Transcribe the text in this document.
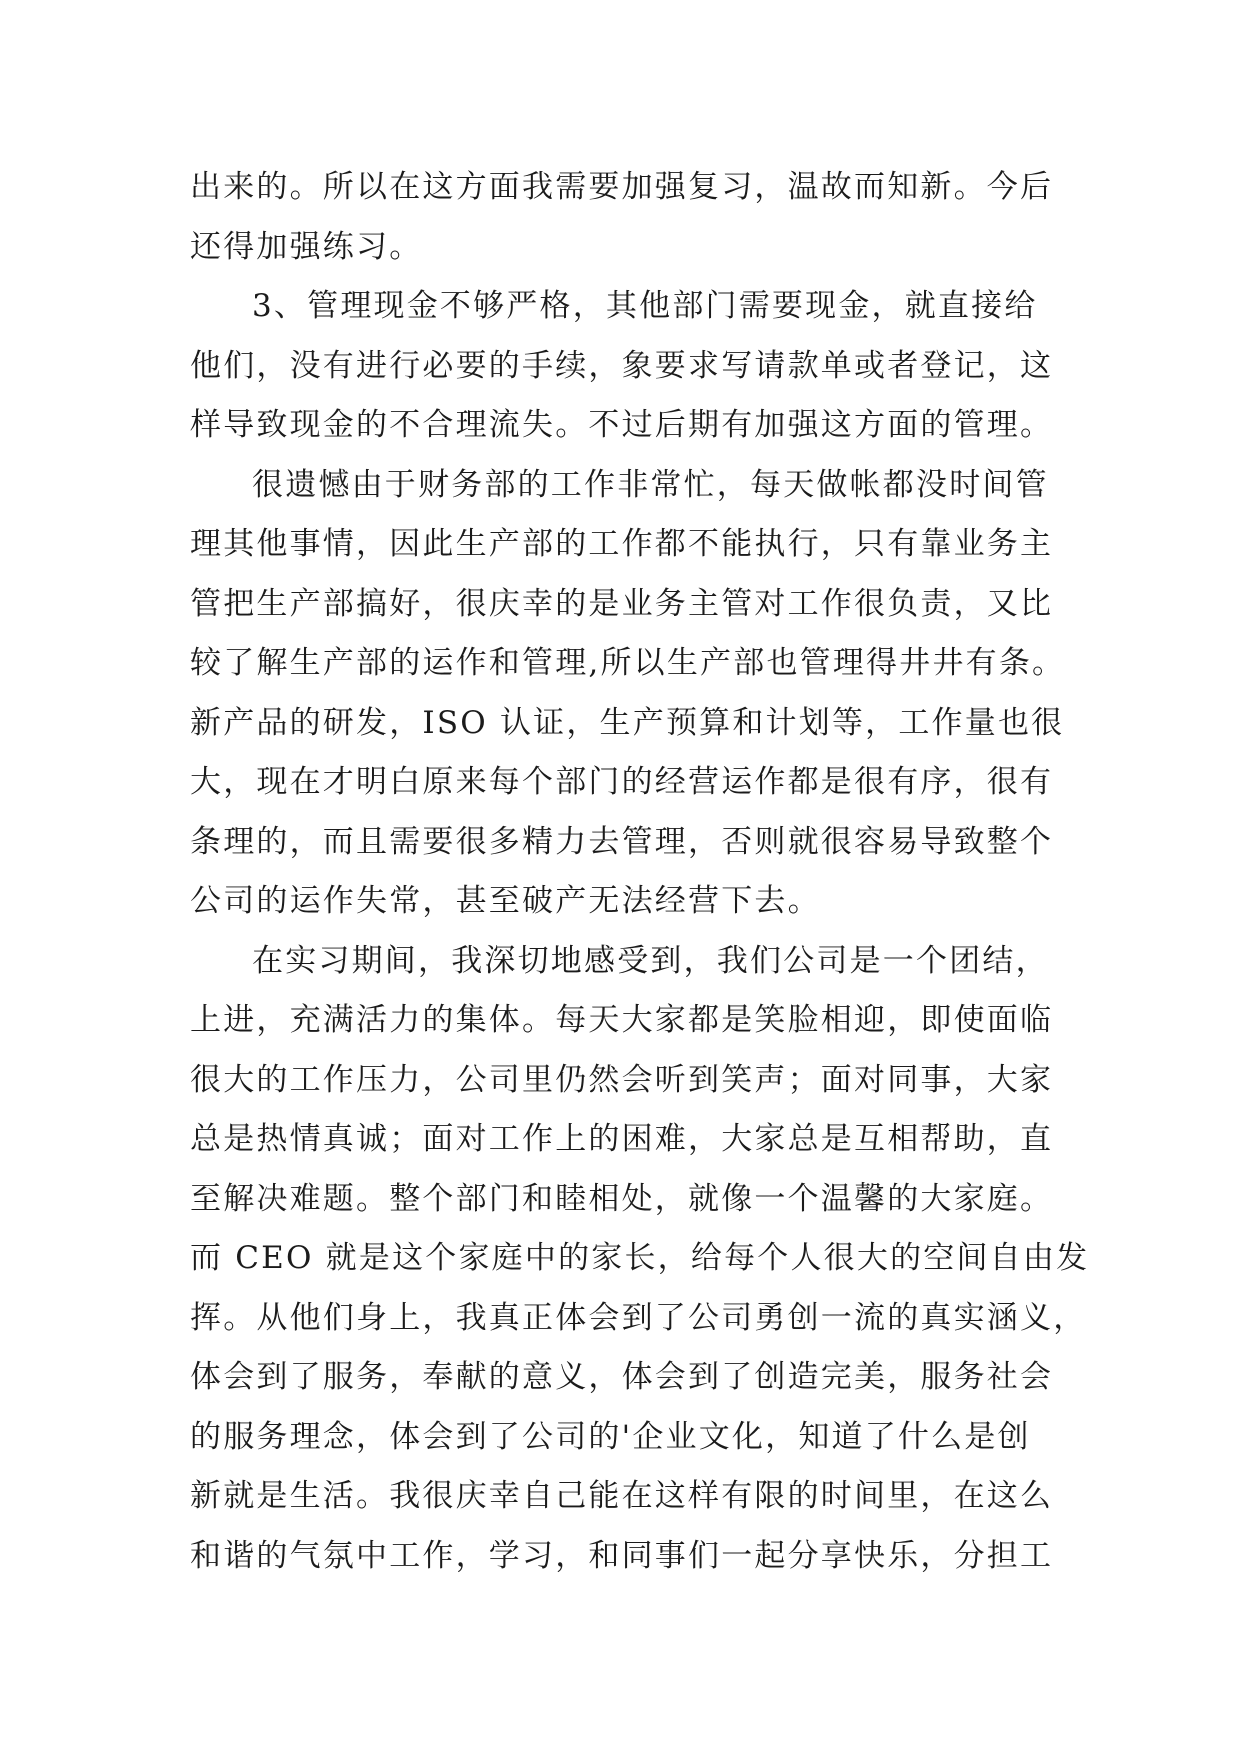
出来的。所以在这方面我需要加强复习，温故而知新。今后
还得加强练习。
3、管理现金不够严格，其他部门需要现金，就直接给
他们，没有进行必要的手续，象要求写请款单或者登记，这
样导致现金的不合理流失。不过后期有加强这方面的管理。
很遗憾由于财务部的工作非常忙，每天做帐都没时间管
理其他事情，因此生产部的工作都不能执行，只有靠业务主
管把生产部搞好，很庆幸的是业务主管对工作很负责，又比
较了解生产部的运作和管理,所以生产部也管理得井井有条。
新产品的研发，ISO 认证，生产预算和计划等，工作量也很
大，现在才明白原来每个部门的经营运作都是很有序，很有
条理的，而且需要很多精力去管理，否则就很容易导致整个
公司的运作失常，甚至破产无法经营下去。
在实习期间，我深切地感受到，我们公司是一个团结，
上进，充满活力的集体。每天大家都是笑脸相迎，即使面临
很大的工作压力，公司里仍然会听到笑声；面对同事，大家
总是热情真诚；面对工作上的困难，大家总是互相帮助，直
至解决难题。整个部门和睦相处，就像一个温馨的大家庭。
而 CEO 就是这个家庭中的家长，给每个人很大的空间自由发
挥。从他们身上，我真正体会到了公司勇创一流的真实涵义，
体会到了服务，奉献的意义，体会到了创造完美，服务社会
的服务理念，体会到了公司的'企业文化，知道了什么是创
新就是生活。我很庆幸自己能在这样有限的时间里，在这么
和谐的气氛中工作，学习，和同事们一起分享快乐，分担工
